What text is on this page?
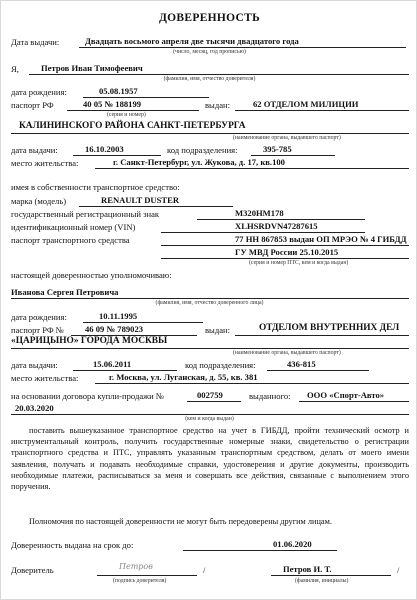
ДОВЕРЕННОСТЬ
Дата выдачи:	Двадцать восьмого апреля две тысячи двадцатого года
(число, месяц, год прописью)
Я,	Петров Иван Тимофеевич
(фамилия, имя, отчество доверителя)
дата рождения:	05.08.1957
паспорт РФ	40 05 № 188199	выдан:	62 ОТДЕЛОМ МИЛИЦИИ
(серия и номер)
КАЛИНИНСКОГО РАЙОНА САНКТ-ПЕТЕРБУРГА
(наименование органа, выдавшего паспорт)
дата выдачи:	16.10.2003	код подразделения:	395-785
место жительства:	г. Санкт-Петербург, ул. Жукова, д. 17, кв.100
имея в собственности транспортное средство:
марка (модель)	RENAULT DUSTER
государственный регистрационный знак	М320НМ178
идентификационный номер (VIN)	XLHSRDVN47287615
паспорт транспортного средства	77 НН 867853 выдан ОП МРЭО № 4 ГИБДД
ГУ МВД России 25.10.2015
(серия и номер ПТС, кем и когда выдан)
настоящей доверенностью уполномочиваю:
Иванова Сергея Петровича
(фамилия, имя, отчество доверенного лица)
дата рождения:	10.11.1995
паспорт РФ № 46 09 № 789023	выдан:	ОТДЕЛОМ ВНУТРЕННИХ ДЕЛ
«ЦАРИЦЫНО» ГОРОДА МОСКВЫ
(наименование органа, выдавшего паспорт)
дата выдачи:	15.06.2011	код подразделения:	436-815
место жительства:	г. Москва, ул. Луганская, д. 55, кв. 381
на основании договора купли-продажи №	002759	выданного: ООО «Спорт-Авто»
20.03.2020
(кем и когда выдан)
поставить вышеуказанное транспортное средство на учет в ГИБДД, пройти технический осмотр и инструментальный контроль, получить государственные номерные знаки, свидетельство о регистрации транспортного средства и ПТС, управлять указанным транспортным средством, делать от моего имени заявления, получать и подавать необходимые справки, удостоверения и другие документы, производить необходимые платежи, расписываться за меня и совершать все действия, связанные с выполнением этого поручения.
Полномочия по настоящей доверенности не могут быть передоверены другим лицам.
Доверенность выдана на срок до:	01.06.2020
Доверитель	Петров
(подпись доверителя)
/	Петров И. Т.	/
(фамилия, инициалы)
